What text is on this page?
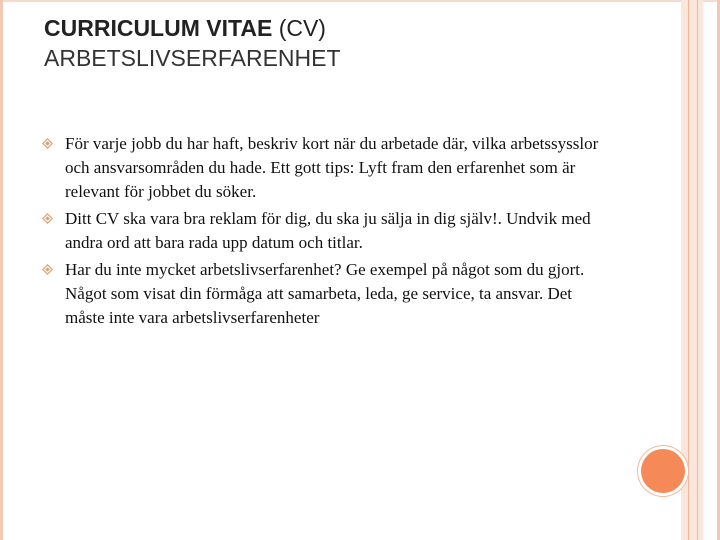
CURRICULUM VITAE (CV)
ARBETSLIVSERFARENHET
För varje jobb du har haft, beskriv kort när du arbetade där, vilka arbetssysslor och ansvarsområden du hade. Ett gott tips: Lyft fram den erfarenhet som är relevant för jobbet du söker.
Ditt CV ska vara bra reklam för dig, du ska ju sälja in dig själv!. Undvik med andra ord att bara rada upp datum och titlar.
Har du inte mycket arbetslivserfarenhet? Ge exempel på något som du gjort. Något som visat din förmåga att samarbeta, leda, ge service, ta ansvar. Det måste inte vara arbetslivserfarenheter
